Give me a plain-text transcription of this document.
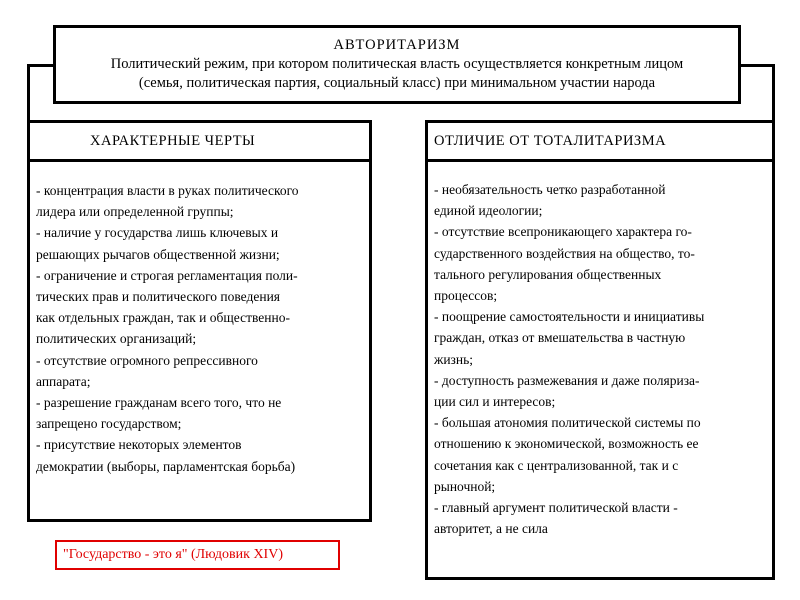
АВТОРИТАРИЗМ
Политический режим, при котором политическая власть осуществляется конкретным лицом
(семья, политическая партия, социальный класс) при минимальном участии народа
ХАРАКТЕРНЫЕ ЧЕРТЫ	ОТЛИЧИЕ ОТ ТОТАЛИТАРИЗМА
- концентрация власти в руках политического
лидера или определенной группы;
- наличие у государства лишь ключевых и
решающих рычагов общественной жизни;
- ограничение и строгая регламентация поли-
тических прав и политического поведения
как отдельных граждан, так и общественно-
политических организаций;
- отсутствие огромного репрессивного
аппарата;
- разрешение гражданам всего того, что не
запрещено государством;
- присутствие некоторых элементов
демократии (выборы, парламентская борьба)
- необязательность четко разработанной
единой идеологии;
- отсутствие всепроникающего характера го-
сударственного воздействия на общество, то-
тального регулирования общественных
процессов;
- поощрение самостоятельности и инициативы
граждан, отказ от вмешательства в частную
жизнь;
- доступность размежевания и даже поляриза-
ции сил и интересов;
- большая атономия политической системы по
отношению к экономической, возможность ее
сочетания как с централизованной, так и с
рыночной;
- главный аргумент политической власти -
авторитет, а не сила
"Государство - это я" (Людовик XIV)
